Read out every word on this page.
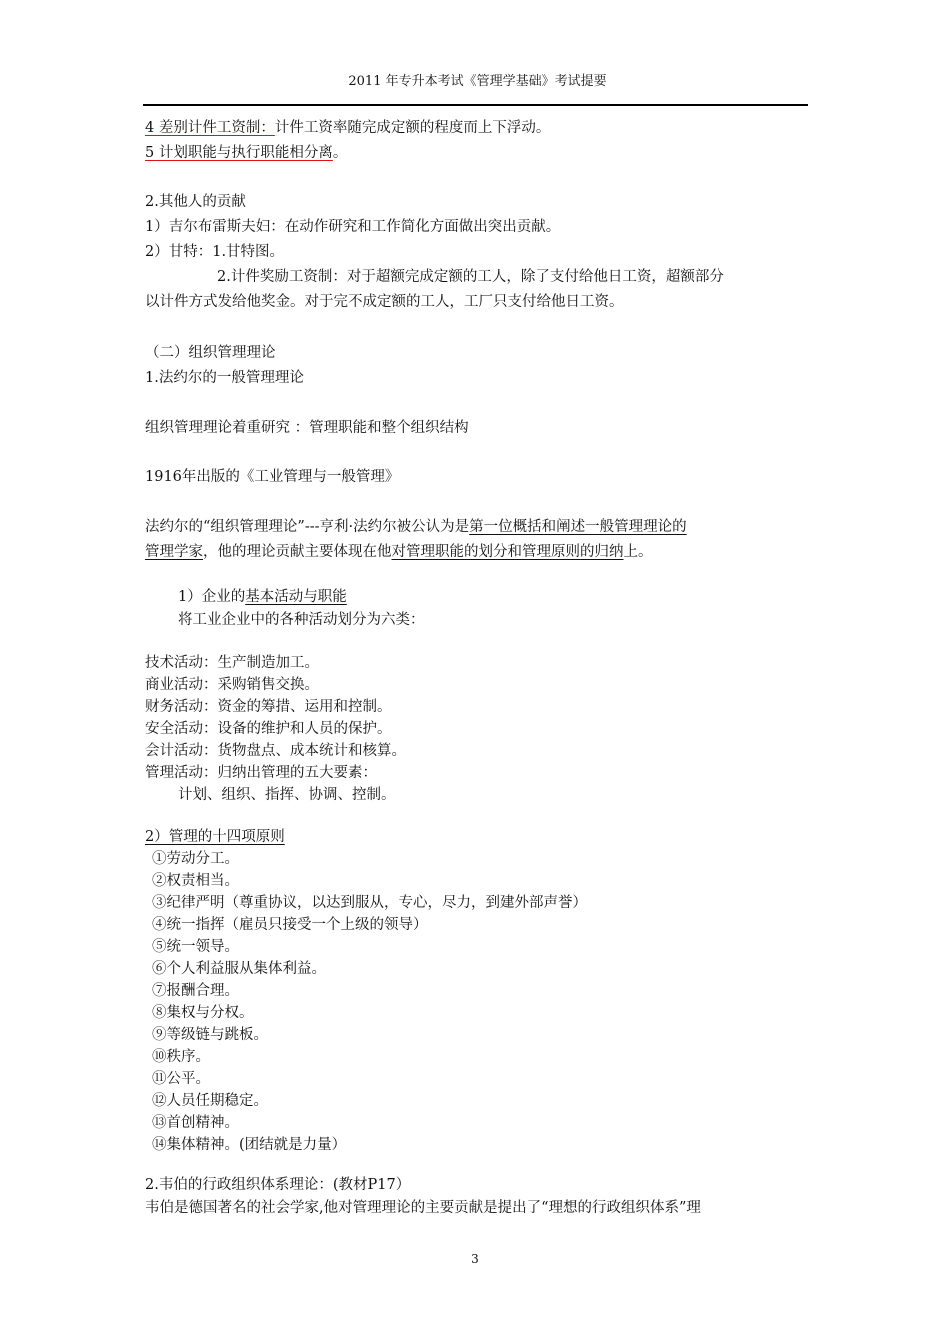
2011 年专升本考试《管理学基础》考试提要
4 差别计件工资制：计件工资率随完成定额的程度而上下浮动。
5 计划职能与执行职能相分离。
2.其他人的贡献
1）吉尔布雷斯夫妇：在动作研究和工作简化方面做出突出贡献。
2）甘特：1.甘特图。
2.计件奖励工资制：对于超额完成定额的工人，除了支付给他日工资，超额部分
以计件方式发给他奖金。对于完不成定额的工人，工厂只支付给他日工资。
（二）组织管理理论
1.法约尔的一般管理理论
组织管理理论着重研究 ：管理职能和整个组织结构
1916年出版的《工业管理与一般管理》
法约尔的“组织管理理论”---亨利·法约尔被公认为是第一位概括和阐述一般管理理论的
管理学家，他的理论贡献主要体现在他对管理职能的划分和管理原则的归纳上。
1）企业的基本活动与职能
将工业企业中的各种活动划分为六类：
技术活动：生产制造加工。
商业活动：采购销售交换。
财务活动：资金的筹措、运用和控制。
安全活动：设备的维护和人员的保护。
会计活动：货物盘点、成本统计和核算。
管理活动：归纳出管理的五大要素：
计划、组织、指挥、协调、控制。
2）管理的十四项原则
①劳动分工。
②权责相当。
③纪律严明（尊重协议，以达到服从，专心，尽力，到建外部声誉）
④统一指挥（雇员只接受一个上级的领导）
⑤统一领导。
⑥个人利益服从集体利益。
⑦报酬合理。
⑧集权与分权。
⑨等级链与跳板。
⑩秩序。
⑪公平。
⑫人员任期稳定。
⑬首创精神。
⑭集体精神。(团结就是力量）
2.韦伯的行政组织体系理论：(教材P17）
韦伯是德国著名的社会学家,他对管理理论的主要贡献是提出了“理想的行政组织体系”理
3
